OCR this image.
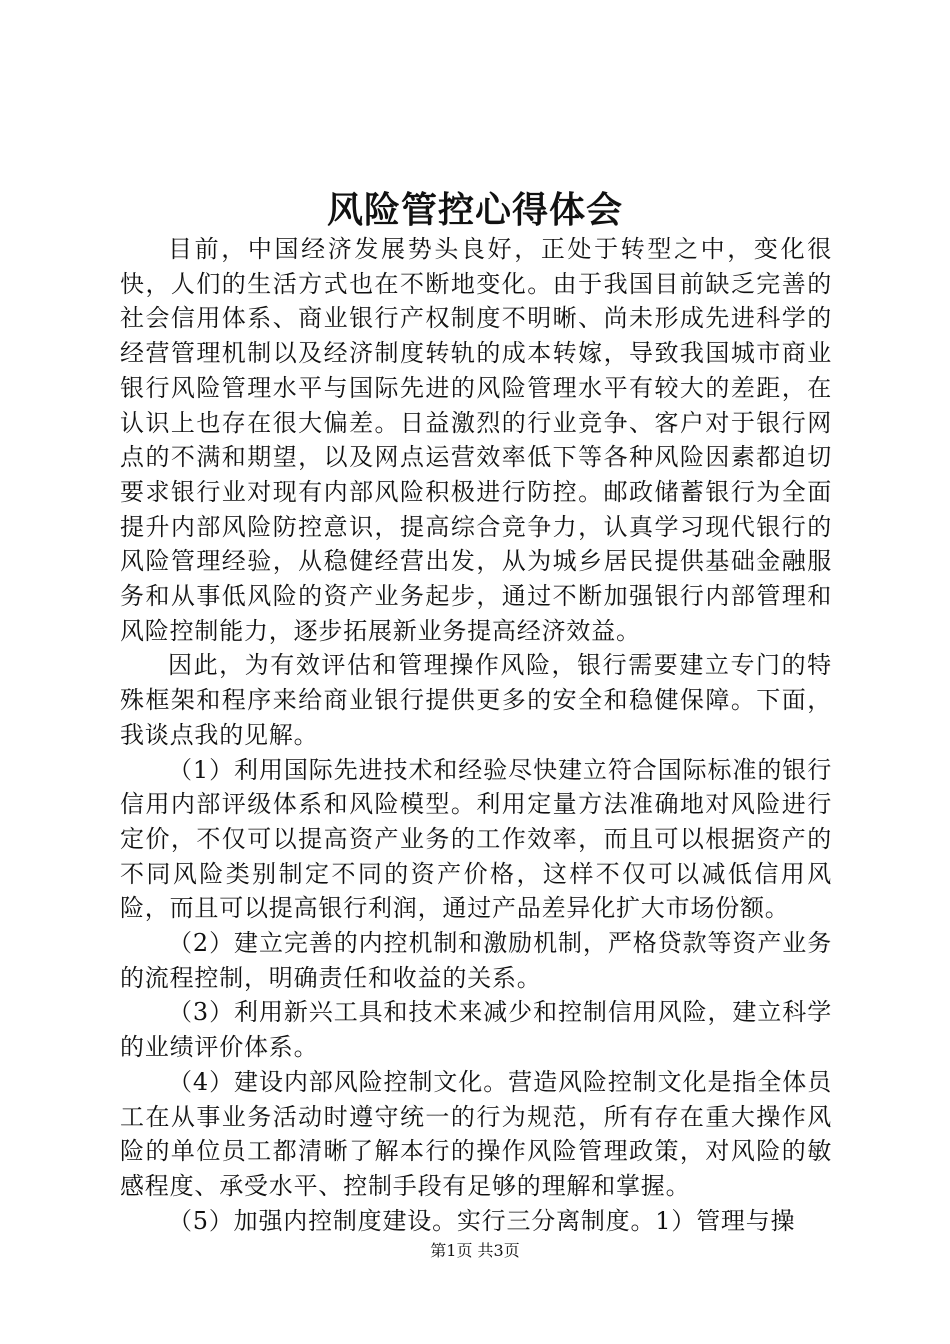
风险管控心得体会

目前，中国经济发展势头良好，正处于转型之中，变化很快，人们的生活方式也在不断地变化。由于我国目前缺乏完善的社会信用体系、商业银行产权制度不明晰、尚未形成先进科学的经营管理机制以及经济制度转轨的成本转嫁，导致我国城市商业银行风险管理水平与国际先进的风险管理水平有较大的差距，在认识上也存在很大偏差。日益激烈的行业竞争、客户对于银行网点的不满和期望，以及网点运营效率低下等各种风险因素都迫切要求银行业对现有内部风险积极进行防控。邮政储蓄银行为全面提升内部风险防控意识，提高综合竞争力，认真学习现代银行的风险管理经验，从稳健经营出发，从为城乡居民提供基础金融服务和从事低风险的资产业务起步，通过不断加强银行内部管理和风险控制能力，逐步拓展新业务提高经济效益。

因此，为有效评估和管理操作风险，银行需要建立专门的特殊框架和程序来给商业银行提供更多的安全和稳健保障。下面，我谈点我的见解。

（1）利用国际先进技术和经验尽快建立符合国际标准的银行信用内部评级体系和风险模型。利用定量方法准确地对风险进行定价，不仅可以提高资产业务的工作效率，而且可以根据资产的不同风险类别制定不同的资产价格，这样不仅可以减低信用风险，而且可以提高银行利润，通过产品差异化扩大市场份额。

（2）建立完善的内控机制和激励机制，严格贷款等资产业务的流程控制，明确责任和收益的关系。

（3）利用新兴工具和技术来减少和控制信用风险，建立科学的业绩评价体系。

（4）建设内部风险控制文化。营造风险控制文化是指全体员工在从事业务活动时遵守统一的行为规范，所有存在重大操作风险的单位员工都清晰了解本行的操作风险管理政策，对风险的敏感程度、承受水平、控制手段有足够的理解和掌握。

（5）加强内控制度建设。实行三分离制度。1）管理与操

第1页 共3页
